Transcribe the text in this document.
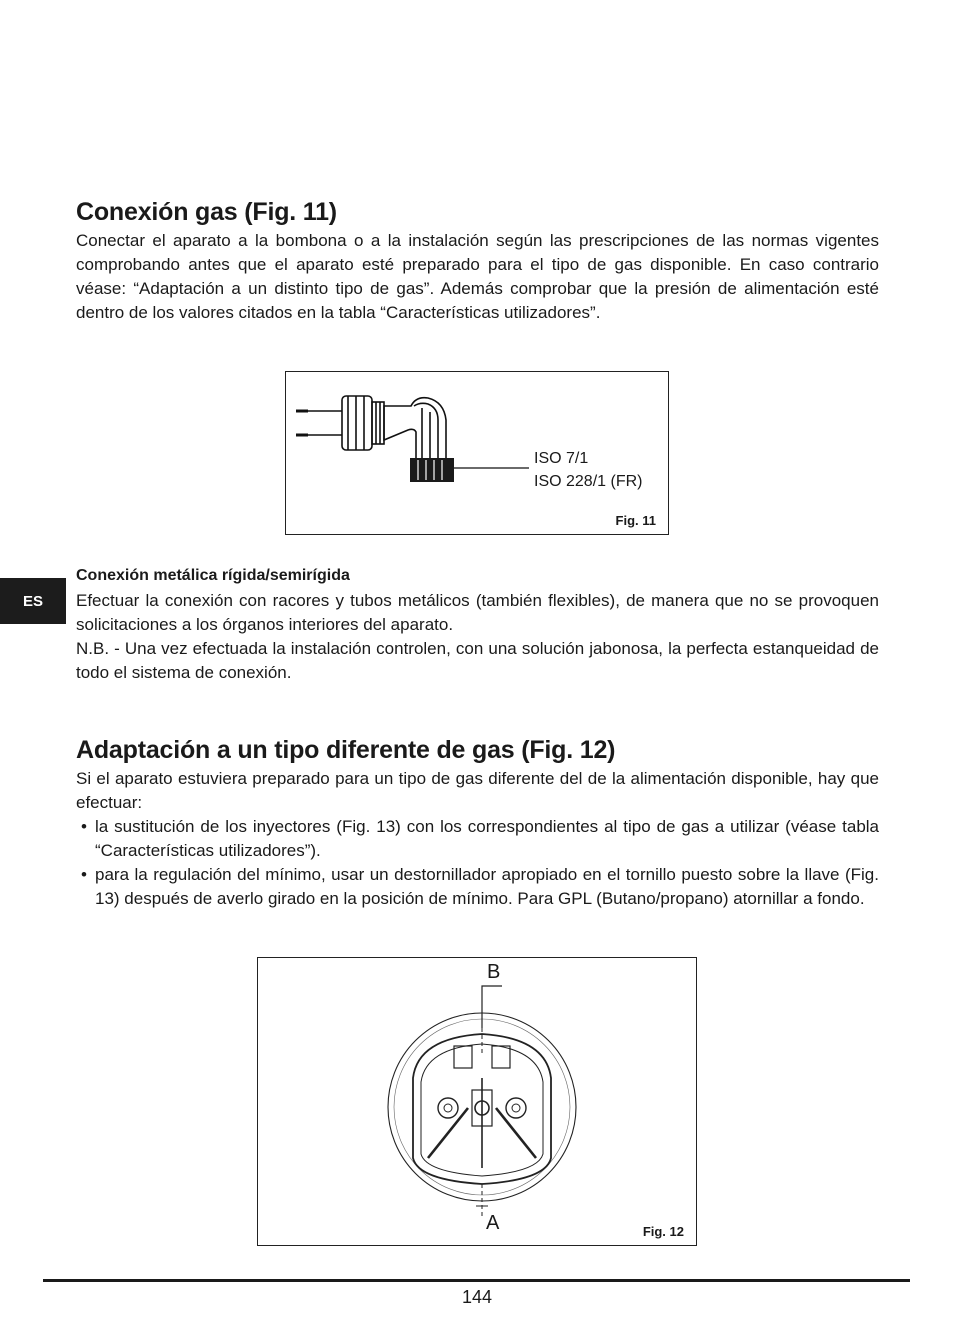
Conexión gas (Fig. 11)

Conectar el aparato a la bombona o a la instalación según las prescripciones de las normas vigentes comprobando antes que el aparato esté preparado para el tipo de gas disponible. En caso contrario véase: “Adaptación a un distinto tipo de gas”. Además comprobar que la presión de alimentación esté dentro de los valores citados en la tabla “Características utilizadores”.

ISO 7/1
ISO 228/1 (FR)
Fig. 11
ES
Conexión metálica rígida/semirígida

Efectuar la conexión con racores y tubos metálicos (también flexibles), de manera que no se provoquen solicitaciones a los órganos interiores del aparato.

N.B. - Una vez efectuada la instalación controlen, con una solución jabonosa, la perfecta estanqueidad de todo el sistema de conexión.

Adaptación a un tipo diferente de gas (Fig. 12)

Si el aparato estuviera preparado para un tipo de gas diferente del de la alimentación disponible, hay que efectuar:

• la sustitución de los inyectores (Fig. 13) con los correspondientes al tipo de gas a utilizar (véase tabla “Características utilizadores”).
• para la regulación del mínimo, usar un destornillador apropiado en el tornillo puesto sobre la llave (Fig. 13) después de averlo girado en la posición de mínimo. Para GPL (Butano/propano) atornillar a fondo.
B
A	Fig. 12
144
